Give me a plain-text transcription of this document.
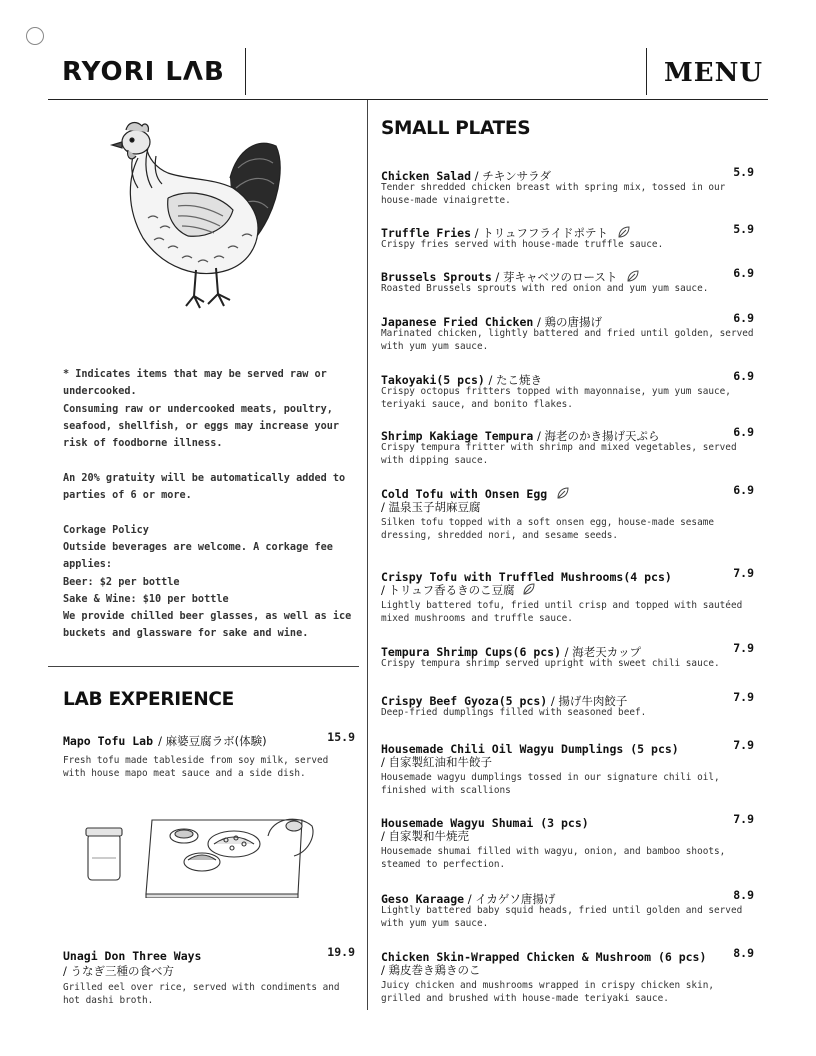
RYORI LΛB	MENU
* Indicates items that may be served raw or undercooked.
Consuming raw or undercooked meats, poultry, seafood, shellfish, or eggs may increase your risk of foodborne illness.

An 20% gratuity will be automatically added to parties of 6 or more.

Corkage Policy
Outside beverages are welcome. A corkage fee applies:
Beer: $2 per bottle
Sake & Wine: $10 per bottle
We provide chilled beer glasses, as well as ice buckets and glassware for sake and wine.
LAB EXPERIENCE
Mapo Tofu Lab / 麻婆豆腐ラボ(体験)	15.9
Fresh tofu made tableside from soy milk, served with house mapo meat sauce and a side dish.
Unagi Don Three Ways	19.9
/ うなぎ三種の食べ方
Grilled eel over rice, served with condiments and hot dashi broth.
SMALL PLATES
Chicken Salad / チキンサラダ	5.9
Tender shredded chicken breast with spring mix, tossed in our house-made vinaigrette.
Truffle Fries / トリュフフライドポテト	5.9
Crispy fries served with house-made truffle sauce.
Brussels Sprouts / 芽キャベツのロースト	6.9
Roasted Brussels sprouts with red onion and yum yum sauce.
Japanese Fried Chicken / 鶏の唐揚げ	6.9
Marinated chicken, lightly battered and fried until golden, served with yum yum sauce.
Takoyaki(5 pcs) / たこ焼き	6.9
Crispy octopus fritters topped with mayonnaise, yum yum sauce, teriyaki sauce, and bonito flakes.
Shrimp Kakiage Tempura / 海老のかき揚げ天ぷら	6.9
Crispy tempura fritter with shrimp and mixed vegetables, served with dipping sauce.
Cold Tofu with Onsen Egg	6.9
/ 温泉玉子胡麻豆腐
Silken tofu topped with a soft onsen egg, house-made sesame dressing, shredded nori, and sesame seeds.
Crispy Tofu with Truffled Mushrooms(4 pcs)	7.9
/ トリュフ香るきのこ豆腐
Lightly battered tofu, fried until crisp and topped with sautéed mixed mushrooms and truffle sauce.
Tempura Shrimp Cups(6 pcs) / 海老天カップ	7.9
Crispy tempura shrimp served upright with sweet chili sauce.
Crispy Beef Gyoza(5 pcs) / 揚げ牛肉餃子	7.9
Deep-fried dumplings filled with seasoned beef.
Housemade Chili Oil Wagyu Dumplings (5 pcs)	7.9
/ 自家製紅油和牛餃子
Housemade wagyu dumplings tossed in our signature chili oil, finished with scallions
Housemade Wagyu Shumai (3 pcs)	7.9
/ 自家製和牛焼売
Housemade shumai filled with wagyu, onion, and bamboo shoots, steamed to perfection.
Geso Karaage / イカゲソ唐揚げ	8.9
Lightly battered baby squid heads, fried until golden and served with yum yum sauce.
Chicken Skin-Wrapped Chicken & Mushroom (6 pcs) 8.9
/ 鶏皮巻き鶏きのこ
Juicy chicken and mushrooms wrapped in crispy chicken skin, grilled and brushed with house-made teriyaki sauce.
